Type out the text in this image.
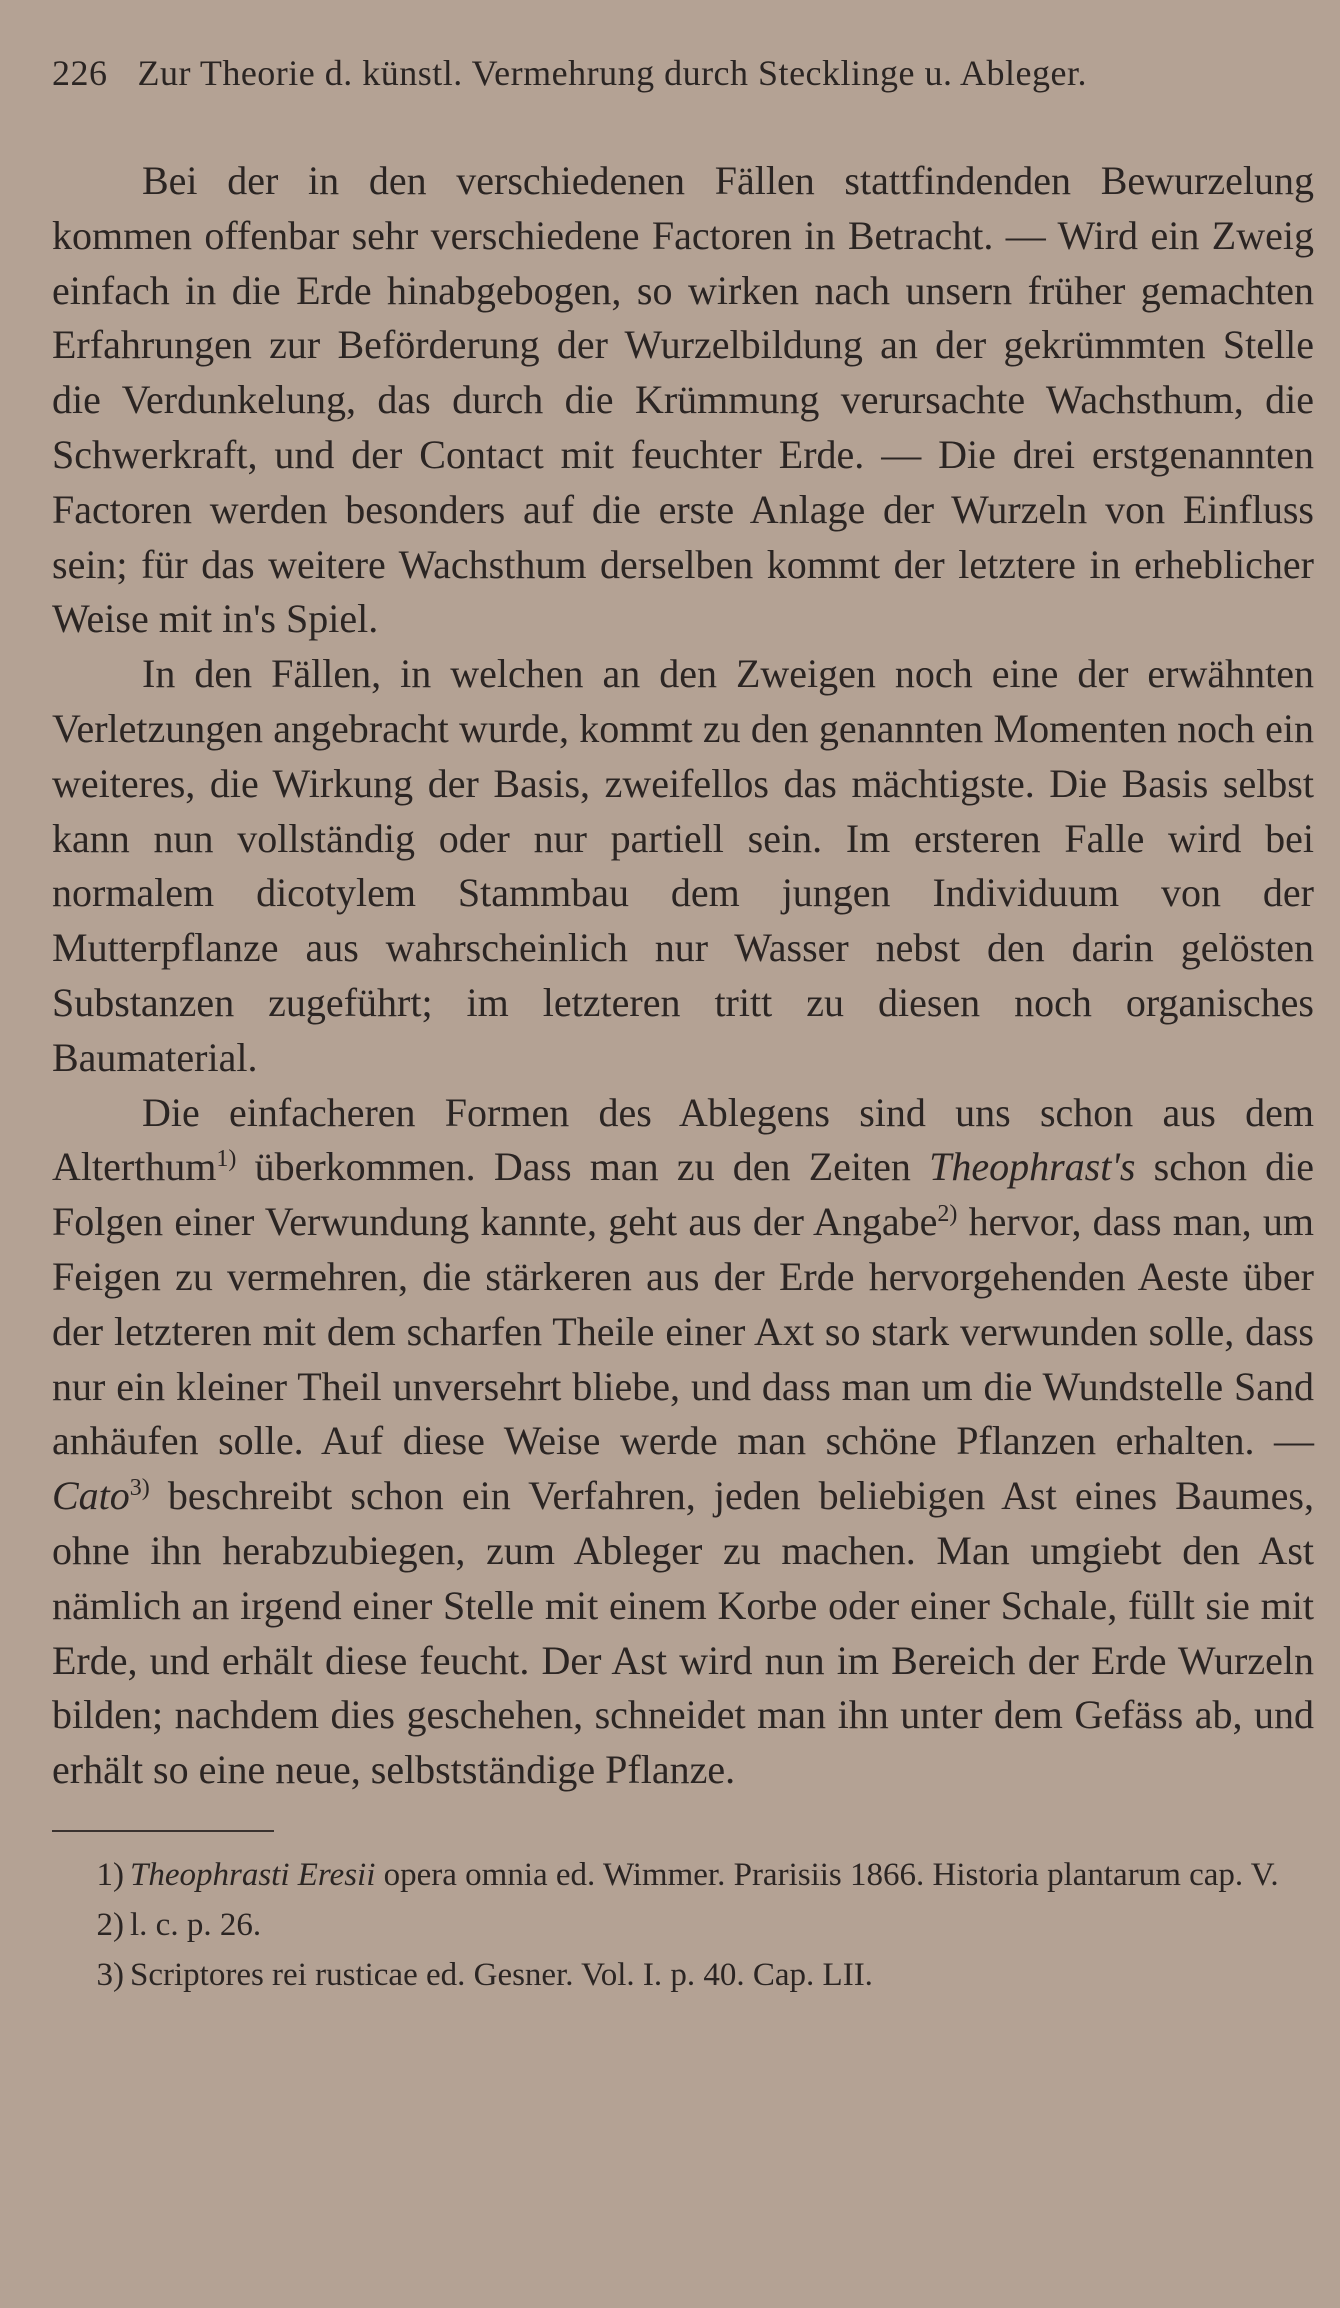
226 Zur Theorie d. künstl. Vermehrung durch Stecklinge u. Ableger.

Bei der in den verschiedenen Fällen stattfindenden Bewurzelung kommen offenbar sehr verschiedene Factoren in Betracht. — Wird ein Zweig einfach in die Erde hinabgebogen, so wirken nach unsern früher gemachten Erfahrungen zur Beförderung der Wurzelbildung an der gekrümmten Stelle die Verdunkelung, das durch die Krümmung verursachte Wachsthum, die Schwerkraft, und der Contact mit feuchter Erde. — Die drei erstgenannten Factoren werden besonders auf die erste Anlage der Wurzeln von Einfluss sein; für das weitere Wachsthum derselben kommt der letztere in erheblicher Weise mit in's Spiel.

In den Fällen, in welchen an den Zweigen noch eine der erwähnten Verletzungen angebracht wurde, kommt zu den genannten Momenten noch ein weiteres, die Wirkung der Basis, zweifellos das mächtigste. Die Basis selbst kann nun vollständig oder nur partiell sein. Im ersteren Falle wird bei normalem dicotylem Stammbau dem jungen Individuum von der Mutterpflanze aus wahrscheinlich nur Wasser nebst den darin gelösten Substanzen zugeführt; im letzteren tritt zu diesen noch organisches Baumaterial.

Die einfacheren Formen des Ablegens sind uns schon aus dem Alterthum$^{1)}$ überkommen. Dass man zu den Zeiten Theophrast's schon die Folgen einer Verwundung kannte, geht aus der Angabe$^{2)}$ hervor, dass man, um Feigen zu vermehren, die stärkeren aus der Erde hervorgehenden Aeste über der letzteren mit dem scharfen Theile einer Axt so stark verwunden solle, dass nur ein kleiner Theil unversehrt bliebe, und dass man um die Wundstelle Sand anhäufen solle. Auf diese Weise werde man schöne Pflanzen erhalten. — Cato$^{3)}$ beschreibt schon ein Verfahren, jeden beliebigen Ast eines Baumes, ohne ihn herabzubiegen, zum Ableger zu machen. Man umgiebt den Ast nämlich an irgend einer Stelle mit einem Korbe oder einer Schale, füllt sie mit Erde, und erhält diese feucht. Der Ast wird nun im Bereich der Erde Wurzeln bilden; nachdem dies geschehen, schneidet man ihn unter dem Gefäss ab, und erhält so eine neue, selbstständige Pflanze.

1) Theophrasti Eresii opera omnia ed. Wimmer. Prarisiis 1866. Historia plantarum cap. V.

2) l. c. p. 26.

3) Scriptores rei rusticae ed. Gesner. Vol. I. p. 40. Cap. LII.
